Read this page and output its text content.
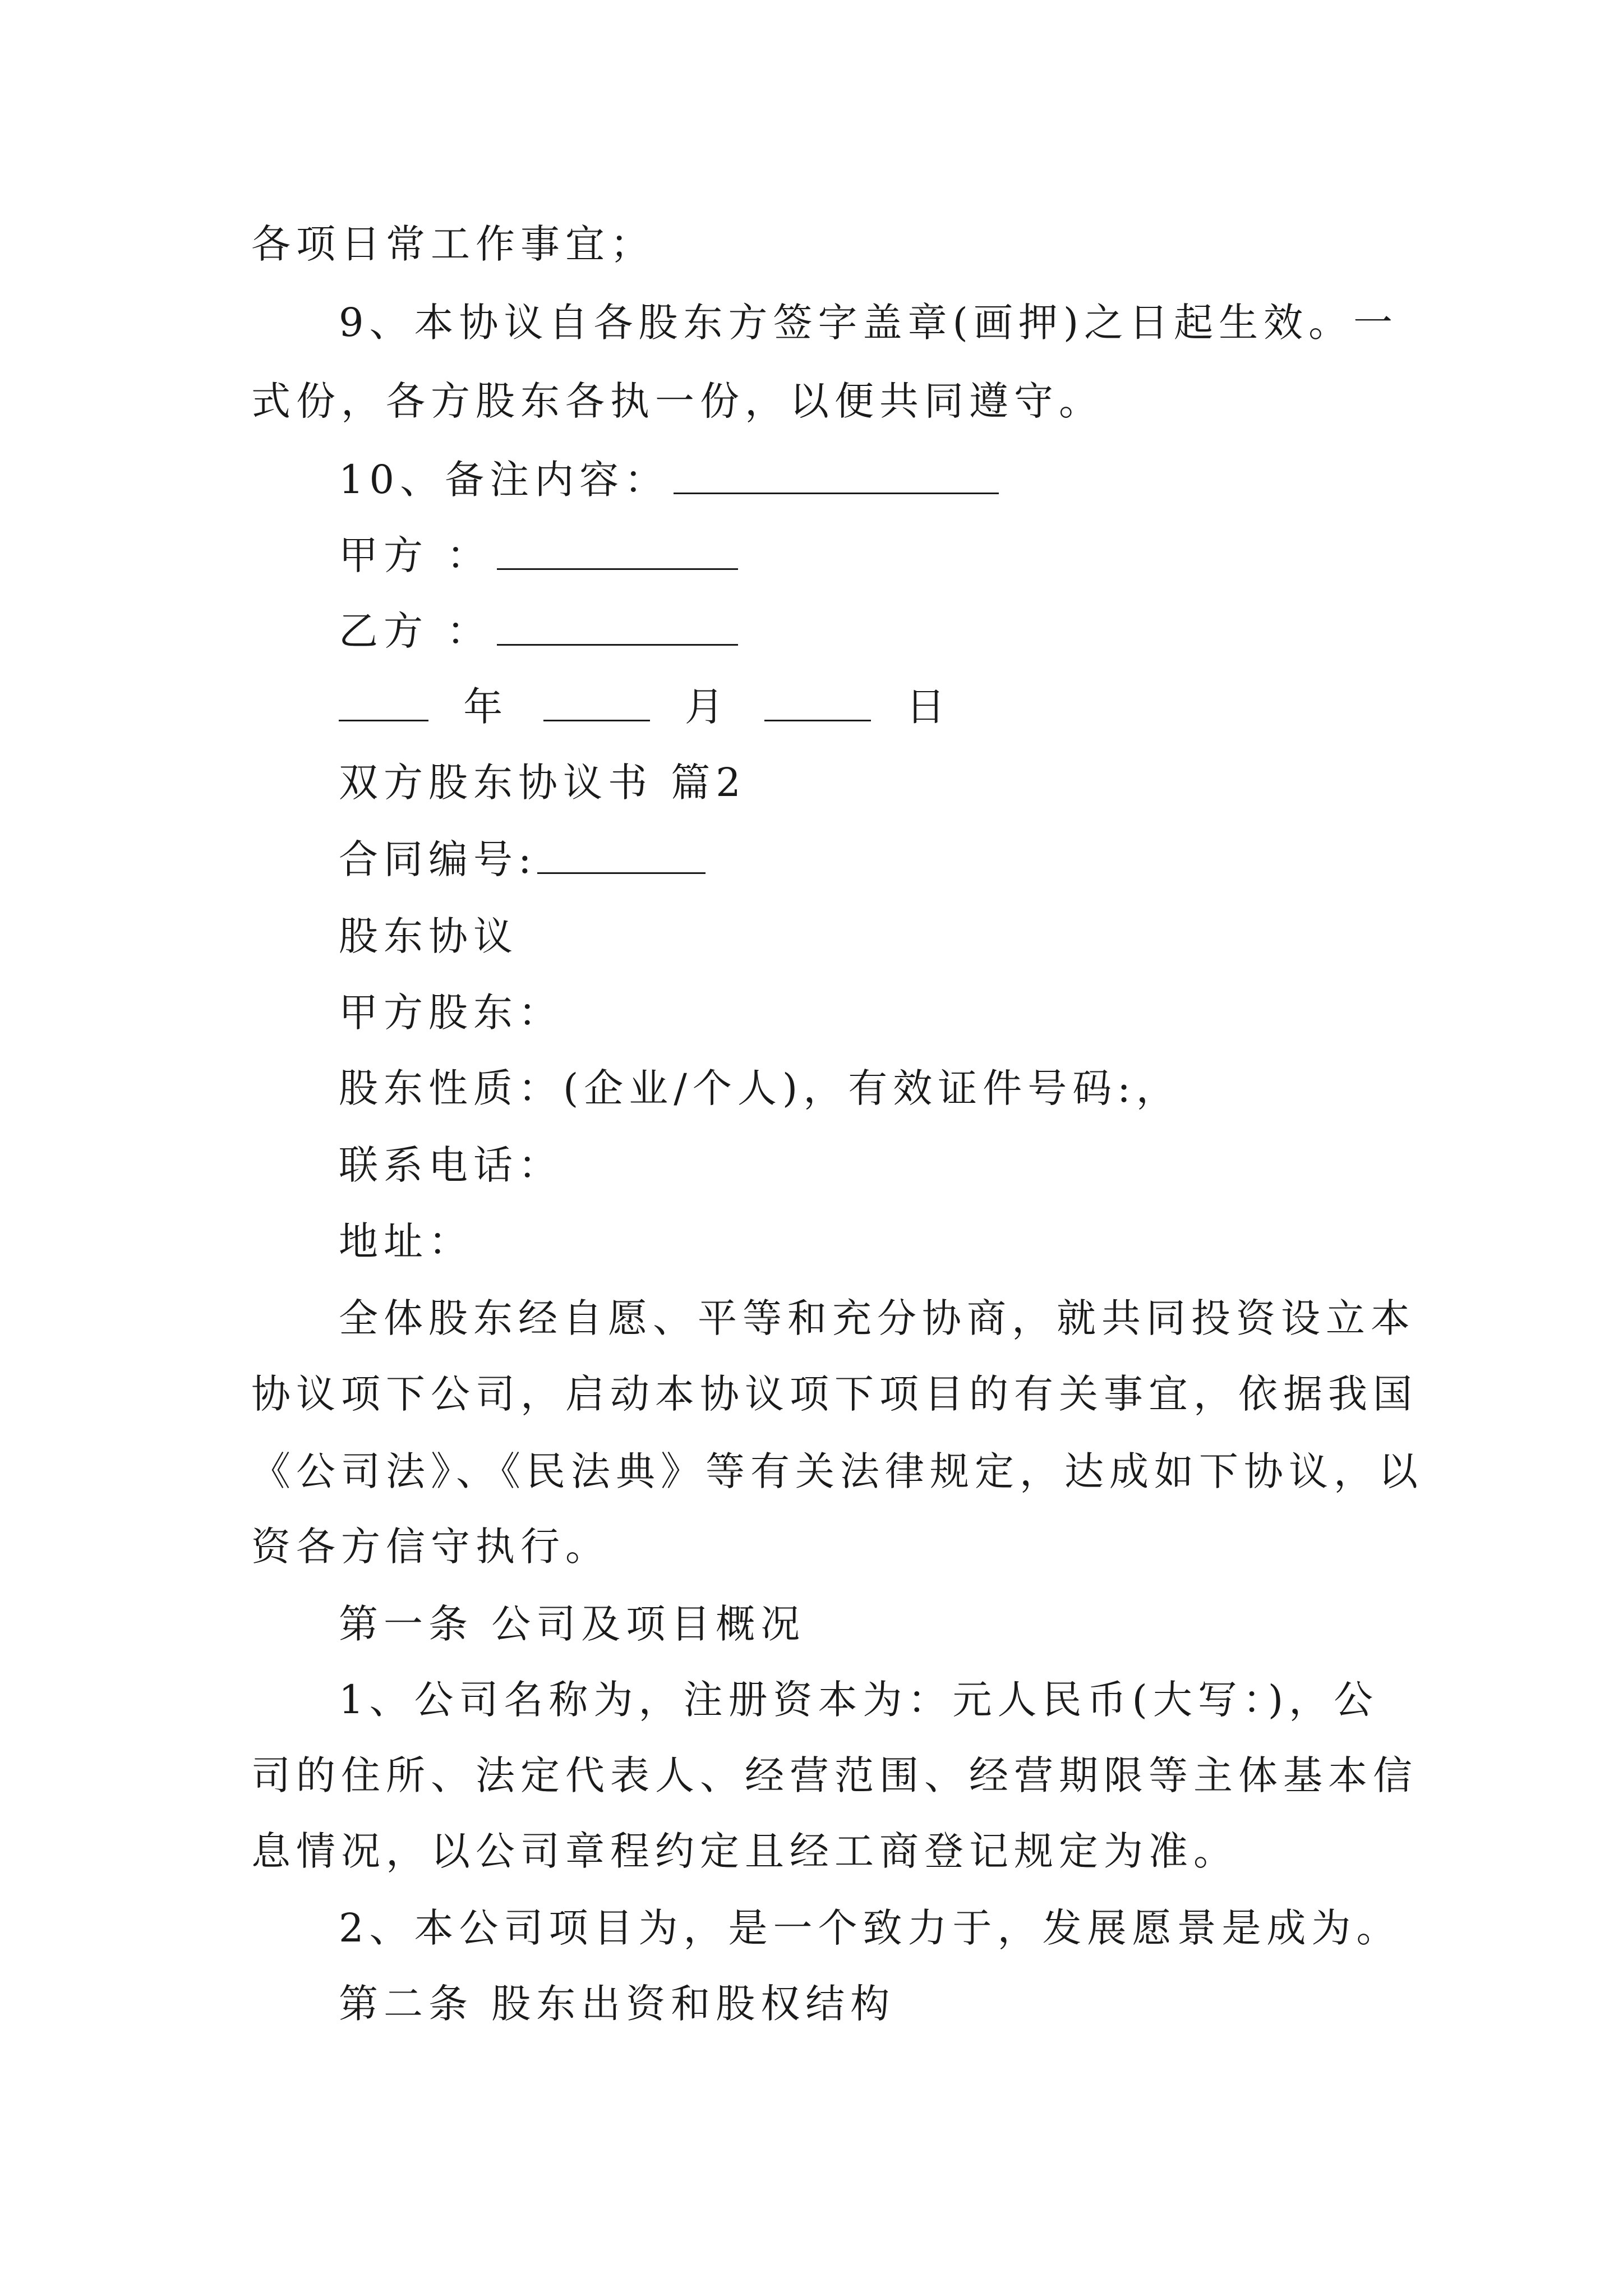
各项日常工作事宜；
9、本协议自各股东方签字盖章(画押)之日起生效。一
式份，各方股东各执一份，以便共同遵守。
10、备注内容：
甲方 ：
乙方 ：
年	月	日
双方股东协议书 篇2
合同编号:
股东协议
甲方股东：
股东性质：(企业/个人)，有效证件号码:，
联系电话：
地址：
全体股东经自愿、平等和充分协商，就共同投资设立本
协议项下公司，启动本协议项下项目的有关事宜，依据我国
《公司法》、《民法典》等有关法律规定，达成如下协议，以
资各方信守执行。
第一条 公司及项目概况
1、公司名称为，注册资本为：元人民币(大写：)，公
司的住所、法定代表人、经营范围、经营期限等主体基本信
息情况，以公司章程约定且经工商登记规定为准。
2、本公司项目为，是一个致力于，发展愿景是成为。
第二条 股东出资和股权结构
